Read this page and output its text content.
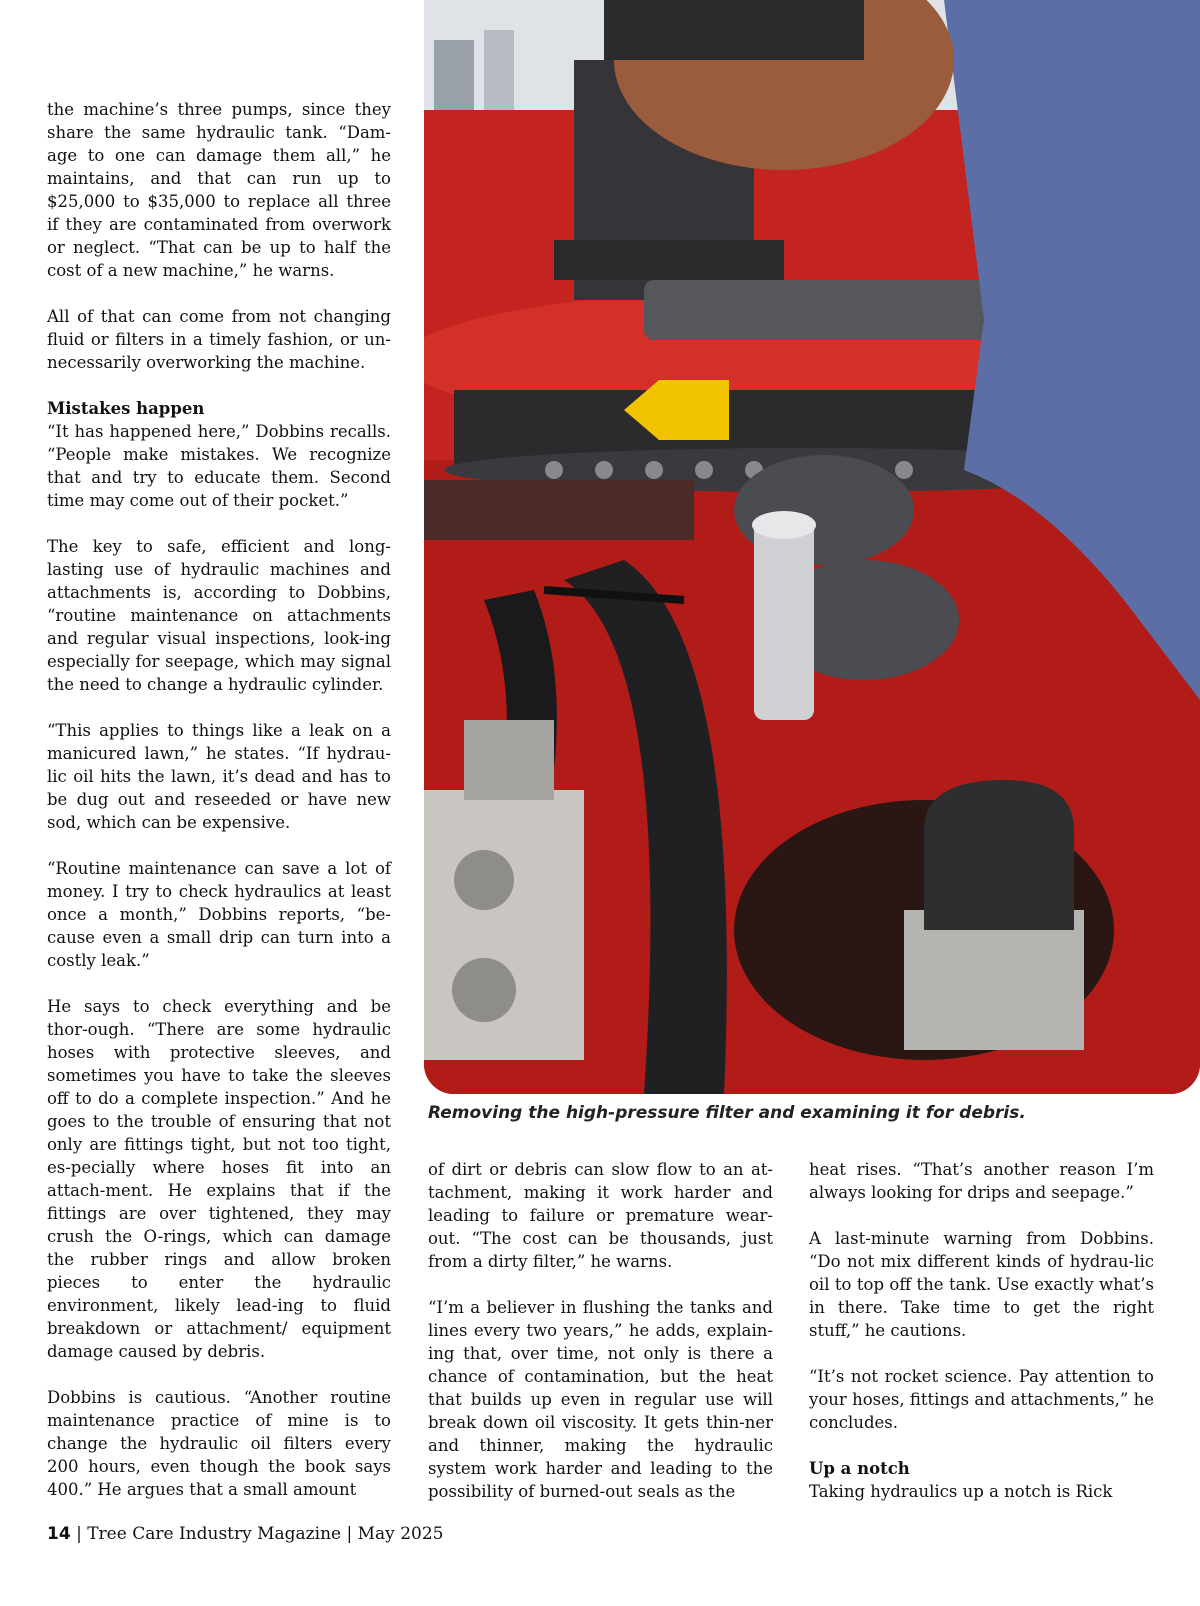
the machine’s three pumps, since they share the same hydraulic tank. “Dam-age to one can damage them all,” he maintains, and that can run up to $25,000 to $35,000 to replace all three if they are contaminated from overwork or neglect. “That can be up to half the cost of a new machine,” he warns.

All of that can come from not changing fluid or filters in a timely fashion, or un-necessarily overworking the machine.

Mistakes happen

“It has happened here,” Dobbins recalls. “People make mistakes. We recognize that and try to educate them. Second time may come out of their pocket.”

The key to safe, efficient and long-lasting use of hydraulic machines and attachments is, according to Dobbins, “routine maintenance on attachments and regular visual inspections, look-ing especially for seepage, which may signal the need to change a hydraulic cylinder.

“This applies to things like a leak on a manicured lawn,” he states. “If hydrau-lic oil hits the lawn, it’s dead and has to be dug out and reseeded or have new sod, which can be expensive.

“Routine maintenance can save a lot of money. I try to check hydraulics at least once a month,” Dobbins reports, “be-cause even a small drip can turn into a costly leak.”

He says to check everything and be thor-ough. “There are some hydraulic hoses with protective sleeves, and sometimes you have to take the sleeves off to do a complete inspection.” And he goes to the trouble of ensuring that not only are fittings tight, but not too tight, es-pecially where hoses fit into an attach-ment. He explains that if the fittings are over tightened, they may crush the O-rings, which can damage the rubber rings and allow broken pieces to enter the hydraulic environment, likely lead-ing to fluid breakdown or attachment/ equipment damage caused by debris.

Dobbins is cautious. “Another routine maintenance practice of mine is to change the hydraulic oil filters every 200 hours, even though the book says 400.” He argues that a small amount

Removing the high-pressure filter and examining it for debris.

of dirt or debris can slow flow to an at-tachment, making it work harder and leading to failure or premature wear-out. “The cost can be thousands, just from a dirty filter,” he warns.

“I’m a believer in flushing the tanks and lines every two years,” he adds, explain-ing that, over time, not only is there a chance of contamination, but the heat that builds up even in regular use will break down oil viscosity. It gets thin-ner and thinner, making the hydraulic system work harder and leading to the possibility of burned-out seals as the

heat rises. “That’s another reason I’m always looking for drips and seepage.”

A last-minute warning from Dobbins. “Do not mix different kinds of hydrau-lic oil to top off the tank. Use exactly what’s in there. Take time to get the right stuff,” he cautions.

“It’s not rocket science. Pay attention to your hoses, fittings and attachments,” he concludes.

Up a notch

Taking hydraulics up a notch is Rick

14 | Tree Care Industry Magazine | May 2025
